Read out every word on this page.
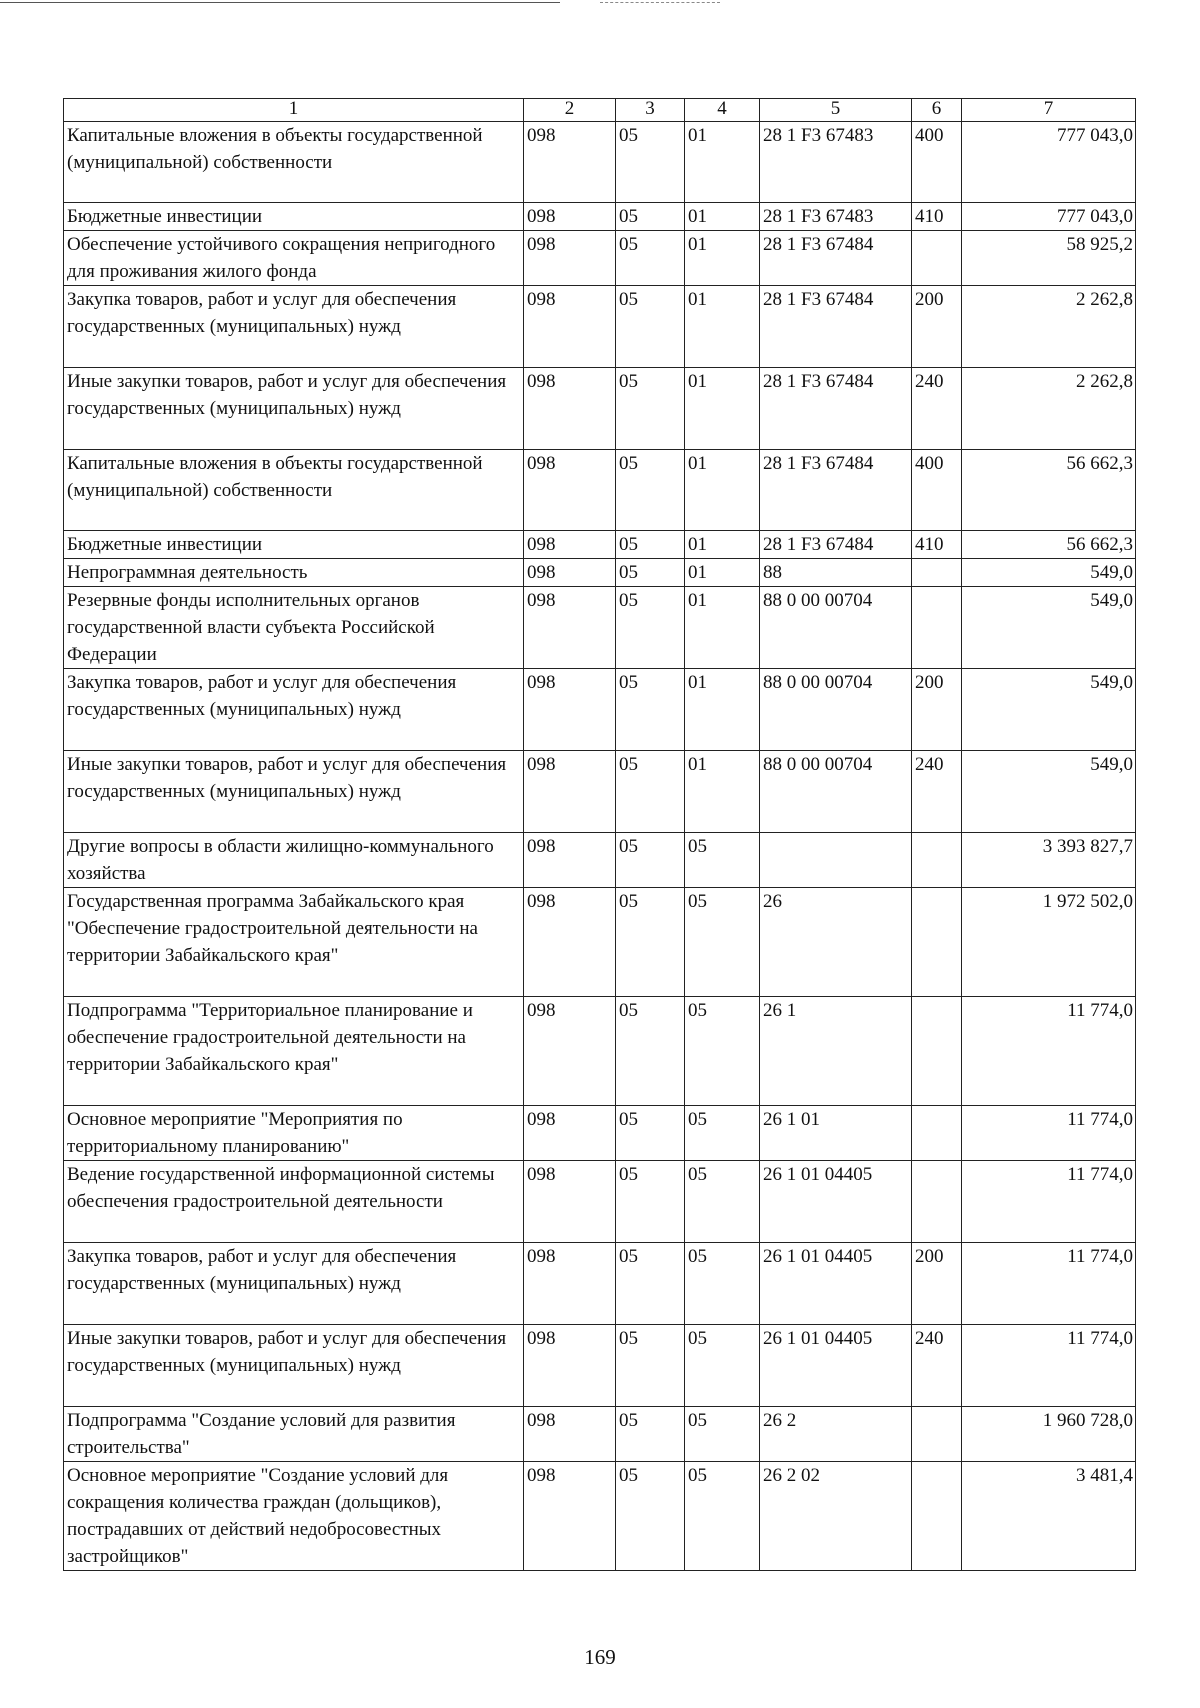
1	2	3	4	5	6	7
Капитальные вложения в объекты государственной (муниципальной) собственности	098	05	01	28 1 F3 67483	400	777 043,0
Бюджетные инвестиции	098	05	01	28 1 F3 67483	410	777 043,0
Обеспечение устойчивого сокращения непригодного для проживания жилого фонда	098	05	01	28 1 F3 67484		58 925,2
Закупка товаров, работ и услуг для обеспечения государственных (муниципальных) нужд	098	05	01	28 1 F3 67484	200	2 262,8
Иные закупки товаров, работ и услуг для обеспечения государственных (муниципальных) нужд	098	05	01	28 1 F3 67484	240	2 262,8
Капитальные вложения в объекты государственной (муниципальной) собственности	098	05	01	28 1 F3 67484	400	56 662,3
Бюджетные инвестиции	098	05	01	28 1 F3 67484	410	56 662,3
Непрограммная деятельность	098	05	01	88		549,0
Резервные фонды исполнительных органов государственной власти субъекта Российской Федерации	098	05	01	88 0 00 00704		549,0
Закупка товаров, работ и услуг для обеспечения государственных (муниципальных) нужд	098	05	01	88 0 00 00704	200	549,0
Иные закупки товаров, работ и услуг для обеспечения государственных (муниципальных) нужд	098	05	01	88 0 00 00704	240	549,0
Другие вопросы в области жилищно-коммунального хозяйства	098	05	05			3 393 827,7
Государственная программа Забайкальского края "Обеспечение градостроительной деятельности на территории Забайкальского края"	098	05	05	26		1 972 502,0
Подпрограмма "Территориальное планирование и обеспечение градостроительной деятельности на территории Забайкальского края"	098	05	05	26 1		11 774,0
Основное мероприятие "Мероприятия по территориальному планированию"	098	05	05	26 1 01		11 774,0
Ведение государственной информационной системы обеспечения градостроительной деятельности	098	05	05	26 1 01 04405		11 774,0
Закупка товаров, работ и услуг для обеспечения государственных (муниципальных) нужд	098	05	05	26 1 01 04405	200	11 774,0
Иные закупки товаров, работ и услуг для обеспечения государственных (муниципальных) нужд	098	05	05	26 1 01 04405	240	11 774,0
Подпрограмма "Создание условий для развития строительства"	098	05	05	26 2		1 960 728,0
Основное мероприятие "Создание условий для сокращения количества граждан (дольщиков), пострадавших от действий недобросовестных застройщиков"	098	05	05	26 2 02		3 481,4
169
